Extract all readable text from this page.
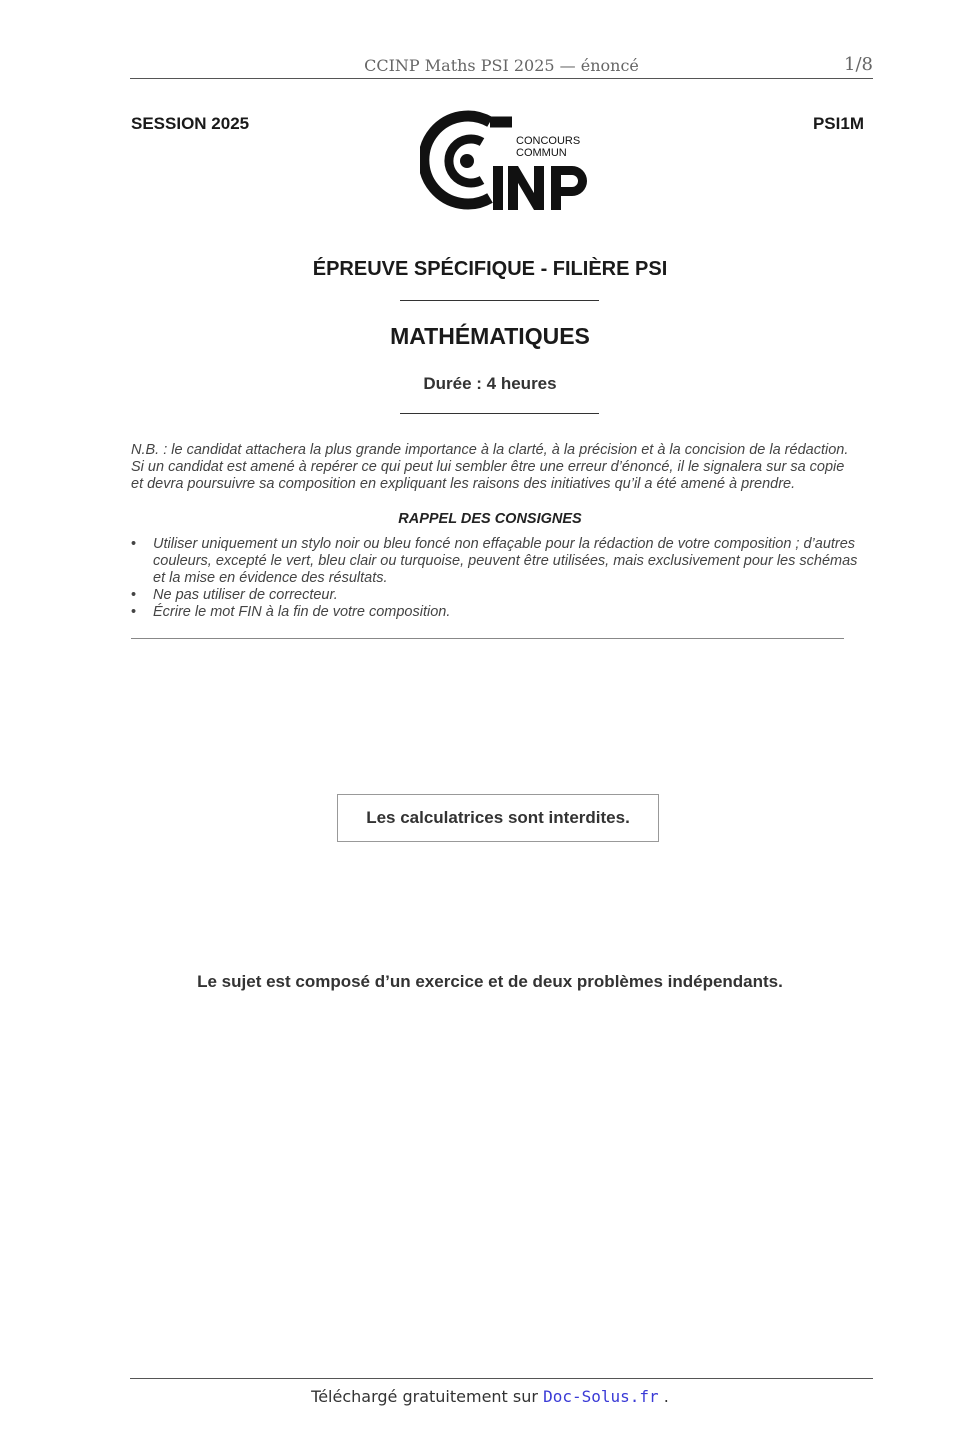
CCINP Maths PSI 2025 — énoncé	1/8
SESSION 2025	PSI1M
CONCOURS
COMMUN
ÉPREUVE SPÉCIFIQUE - FILIÈRE PSI
MATHÉMATIQUES
Durée : 4 heures

N.B. : le candidat attachera la plus grande importance à la clarté, à la précision et à la concision de la rédaction.

Si un candidat est amené à repérer ce qui peut lui sembler être une erreur d’énoncé, il le signalera sur sa copie

et devra poursuivre sa composition en expliquant les raisons des initiatives qu’il a été amené à prendre.

RAPPEL DES CONSIGNES
• Utiliser uniquement un stylo noir ou bleu foncé non effaçable pour la rédaction de votre composition ; d’autres couleurs, excepté le vert, bleu clair ou turquoise, peuvent être utilisées, mais exclusivement pour les schémas et la mise en évidence des résultats.
• Ne pas utiliser de correcteur.
• Écrire le mot FIN à la fin de votre composition.
Les calculatrices sont interdites.
Le sujet est composé d’un exercice et de deux problèmes indépendants.
Téléchargé gratuitement sur Doc-Solus.fr .
